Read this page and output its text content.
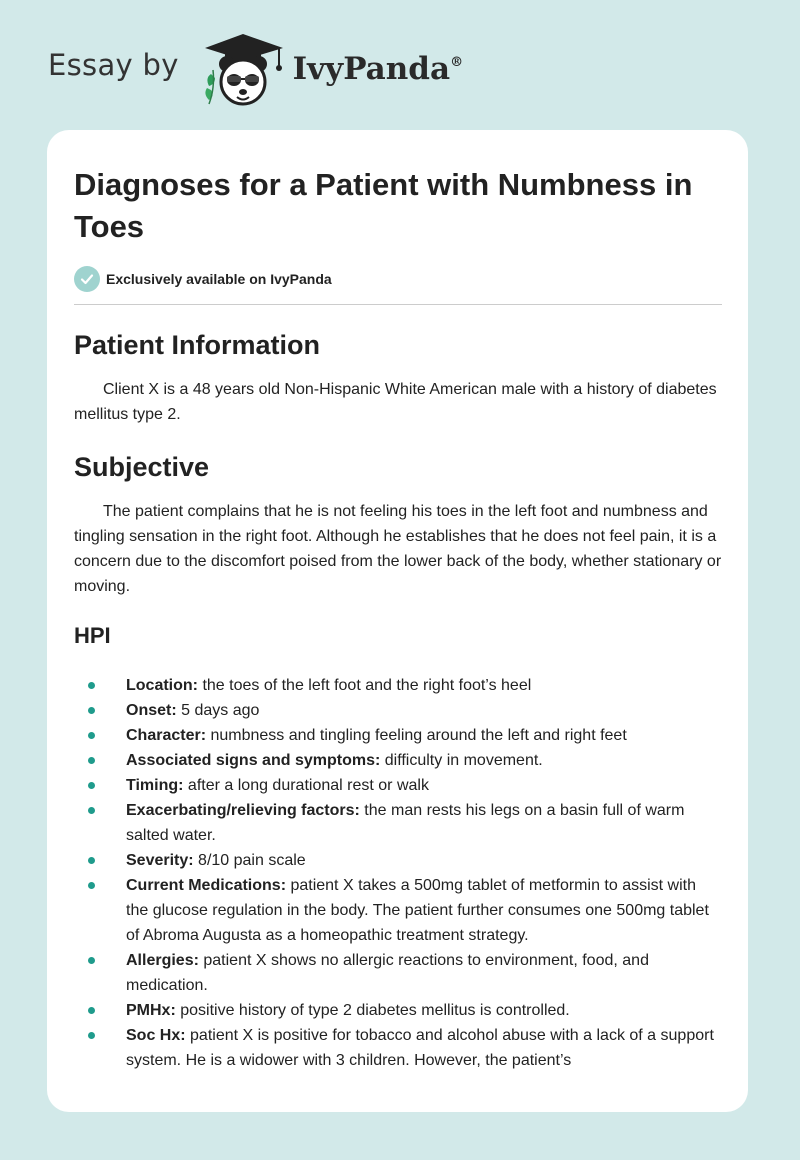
Essay by	IvyPanda®
Diagnoses for a Patient with Numbness in Toes
Exclusively available on IvyPanda
Patient Information

Client X is a 48 years old Non-Hispanic White American male with a history of diabetes mellitus type 2.

Subjective

The patient complains that he is not feeling his toes in the left foot and numbness and tingling sensation in the right foot. Although he establishes that he does not feel pain, it is a concern due to the discomfort poised from the lower back of the body, whether stationary or moving.

HPI
Location: the toes of the left foot and the right foot’s heel
Onset: 5 days ago
Character: numbness and tingling feeling around the left and right feet
Associated signs and symptoms: difficulty in movement.
Timing: after a long durational rest or walk
Exacerbating/relieving factors: the man rests his legs on a basin full of warm salted water.
Severity: 8/10 pain scale
Current Medications: patient X takes a 500mg tablet of metformin to assist with the glucose regulation in the body. The patient further consumes one 500mg tablet of Abroma Augusta as a homeopathic treatment strategy.
Allergies: patient X shows no allergic reactions to environment, food, and medication.
PMHx: positive history of type 2 diabetes mellitus is controlled.
Soc Hx: patient X is positive for tobacco and alcohol abuse with a lack of a support system. He is a widower with 3 children. However, the patient’s
